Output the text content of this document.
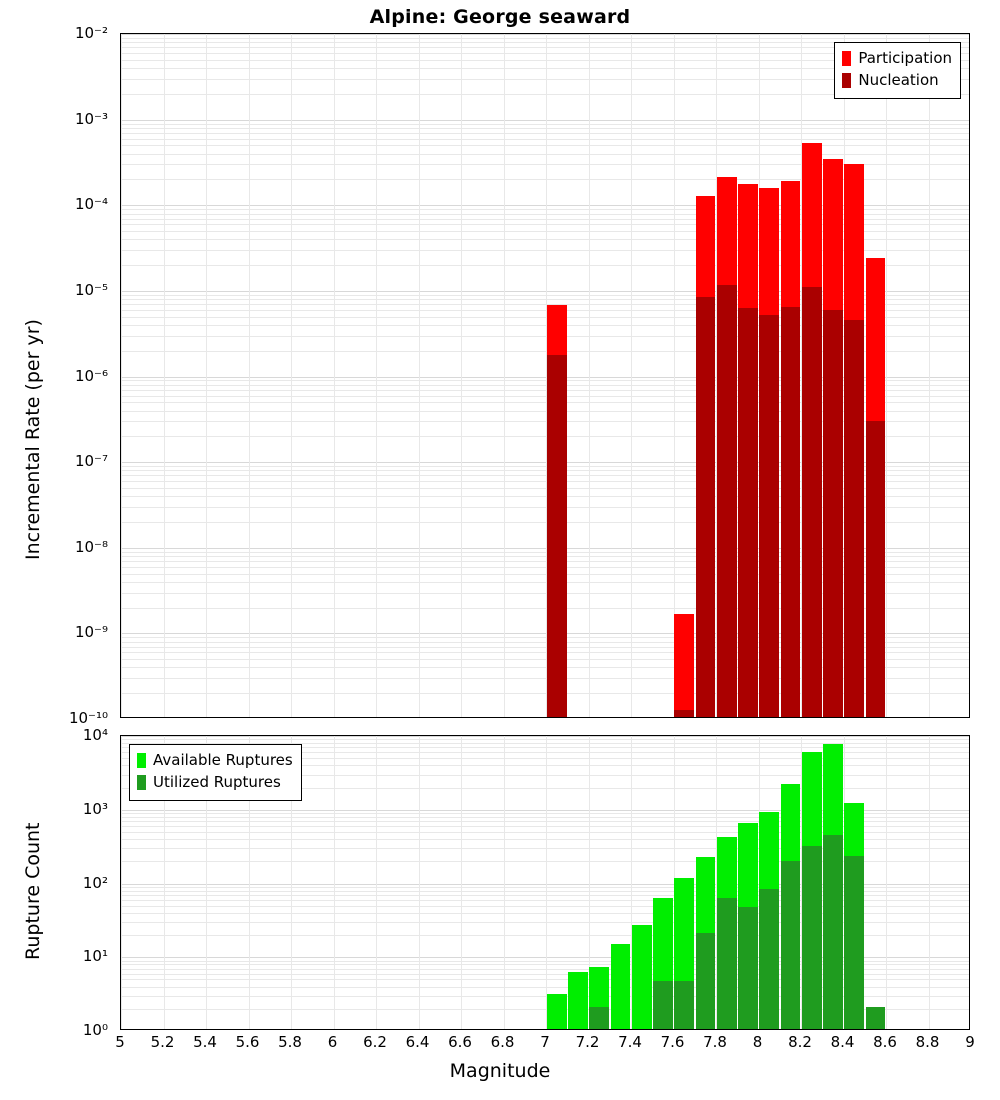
Alpine: George seaward
Participation
Nucleation
Available Ruptures
Utilized Ruptures
Incremental Rate (per yr)
Rupture Count
10⁻¹⁰
10⁻⁹
10⁻⁸
10⁻⁷
10⁻⁶
10⁻⁵
10⁻⁴
10⁻³
10⁻²
10⁰
10¹
10²
10³
10⁴
5	5.2	5.4	5.6	5.8	6	6.2	6.4	6.6	6.8	7	7.2	7.4	7.6	7.8	8	8.2	8.4	8.6	8.8	9
Magnitude
